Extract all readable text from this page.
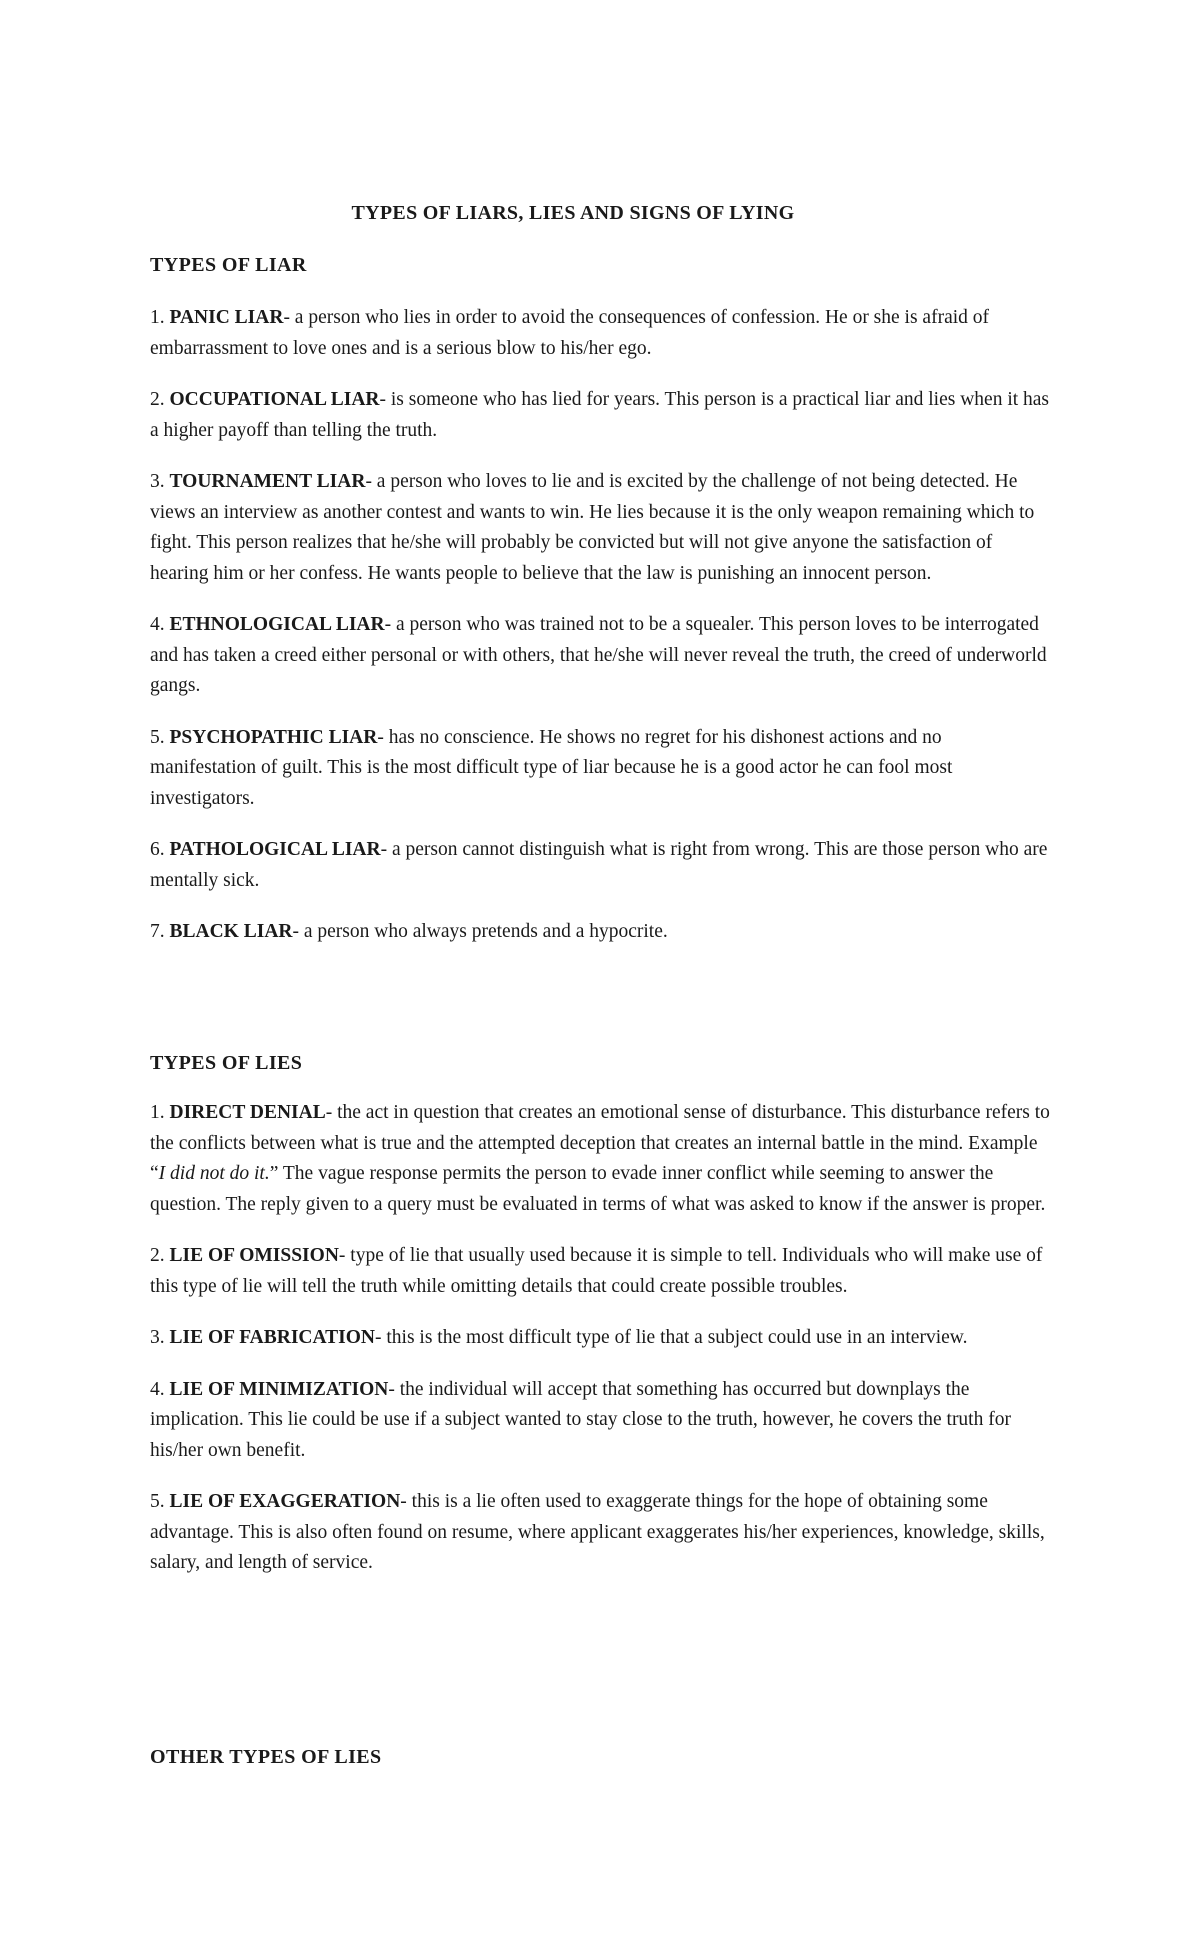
TYPES OF LIARS, LIES AND SIGNS OF LYING
TYPES OF LIAR
1. PANIC LIAR- a person who lies in order to avoid the consequences of confession. He or she is afraid of embarrassment to love ones and is a serious blow to his/her ego.
2. OCCUPATIONAL LIAR- is someone who has lied for years. This person is a practical liar and lies when it has a higher payoff than telling the truth.
3. TOURNAMENT LIAR- a person who loves to lie and is excited by the challenge of not being detected. He views an interview as another contest and wants to win. He lies because it is the only weapon remaining which to fight. This person realizes that he/she will probably be convicted but will not give anyone the satisfaction of hearing him or her confess. He wants people to believe that the law is punishing an innocent person.
4. ETHNOLOGICAL LIAR- a person who was trained not to be a squealer. This person loves to be interrogated and has taken a creed either personal or with others, that he/she will never reveal the truth, the creed of underworld gangs.
5. PSYCHOPATHIC LIAR- has no conscience. He shows no regret for his dishonest actions and no manifestation of guilt. This is the most difficult type of liar because he is a good actor he can fool most investigators.
6. PATHOLOGICAL LIAR- a person cannot distinguish what is right from wrong. This are those person who are mentally sick.
7. BLACK LIAR- a person who always pretends and a hypocrite.
TYPES OF LIES
1. DIRECT DENIAL- the act in question that creates an emotional sense of disturbance. This disturbance refers to the conflicts between what is true and the attempted deception that creates an internal battle in the mind. Example “I did not do it.” The vague response permits the person to evade inner conflict while seeming to answer the question. The reply given to a query must be evaluated in terms of what was asked to know if the answer is proper.
2. LIE OF OMISSION- type of lie that usually used because it is simple to tell. Individuals who will make use of this type of lie will tell the truth while omitting details that could create possible troubles.
3. LIE OF FABRICATION- this is the most difficult type of lie that a subject could use in an interview.
4. LIE OF MINIMIZATION- the individual will accept that something has occurred but downplays the implication. This lie could be use if a subject wanted to stay close to the truth, however, he covers the truth for his/her own benefit.
5. LIE OF EXAGGERATION- this is a lie often used to exaggerate things for the hope of obtaining some advantage. This is also often found on resume, where applicant exaggerates his/her experiences, knowledge, skills, salary, and length of service.
OTHER TYPES OF LIES
